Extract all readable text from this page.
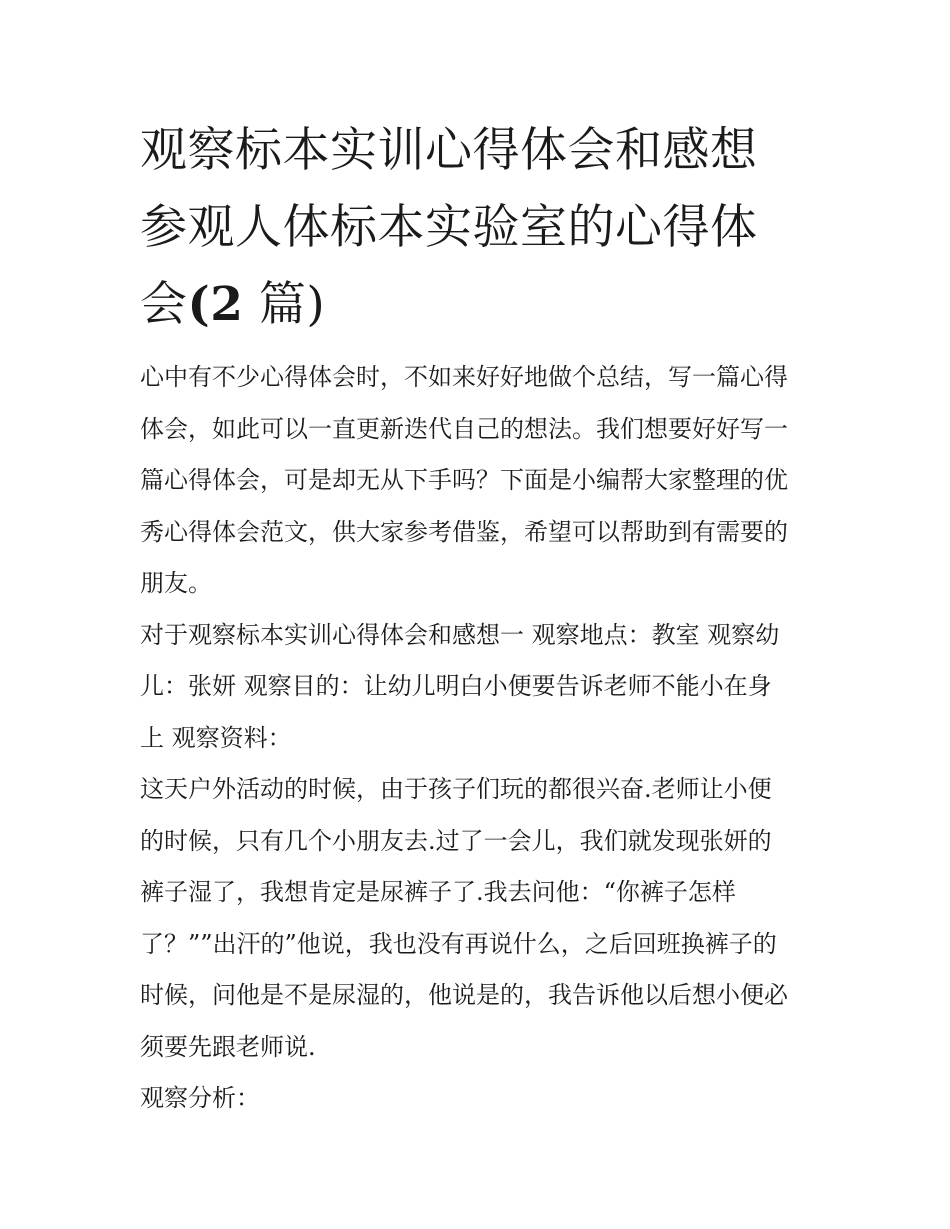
观察标本实训心得体会和感想
参观人体标本实验室的心得体
会(2 篇)

心中有不少心得体会时，不如来好好地做个总结，写一篇心得
体会，如此可以一直更新迭代自己的想法。我们想要好好写一
篇心得体会，可是却无从下手吗？下面是小编帮大家整理的优
秀心得体会范文，供大家参考借鉴，希望可以帮助到有需要的
朋友。

对于观察标本实训心得体会和感想一 观察地点：教室 观察幼
儿：张妍 观察目的：让幼儿明白小便要告诉老师不能小在身
上 观察资料：

这天户外活动的时候，由于孩子们玩的都很兴奋.老师让小便
的时候，只有几个小朋友去.过了一会儿，我们就发现张妍的
裤子湿了，我想肯定是尿裤子了.我去问他：“你裤子怎样
了？””出汗的”他说，我也没有再说什么，之后回班换裤子的
时候，问他是不是尿湿的，他说是的，我告诉他以后想小便必
须要先跟老师说.

观察分析：
